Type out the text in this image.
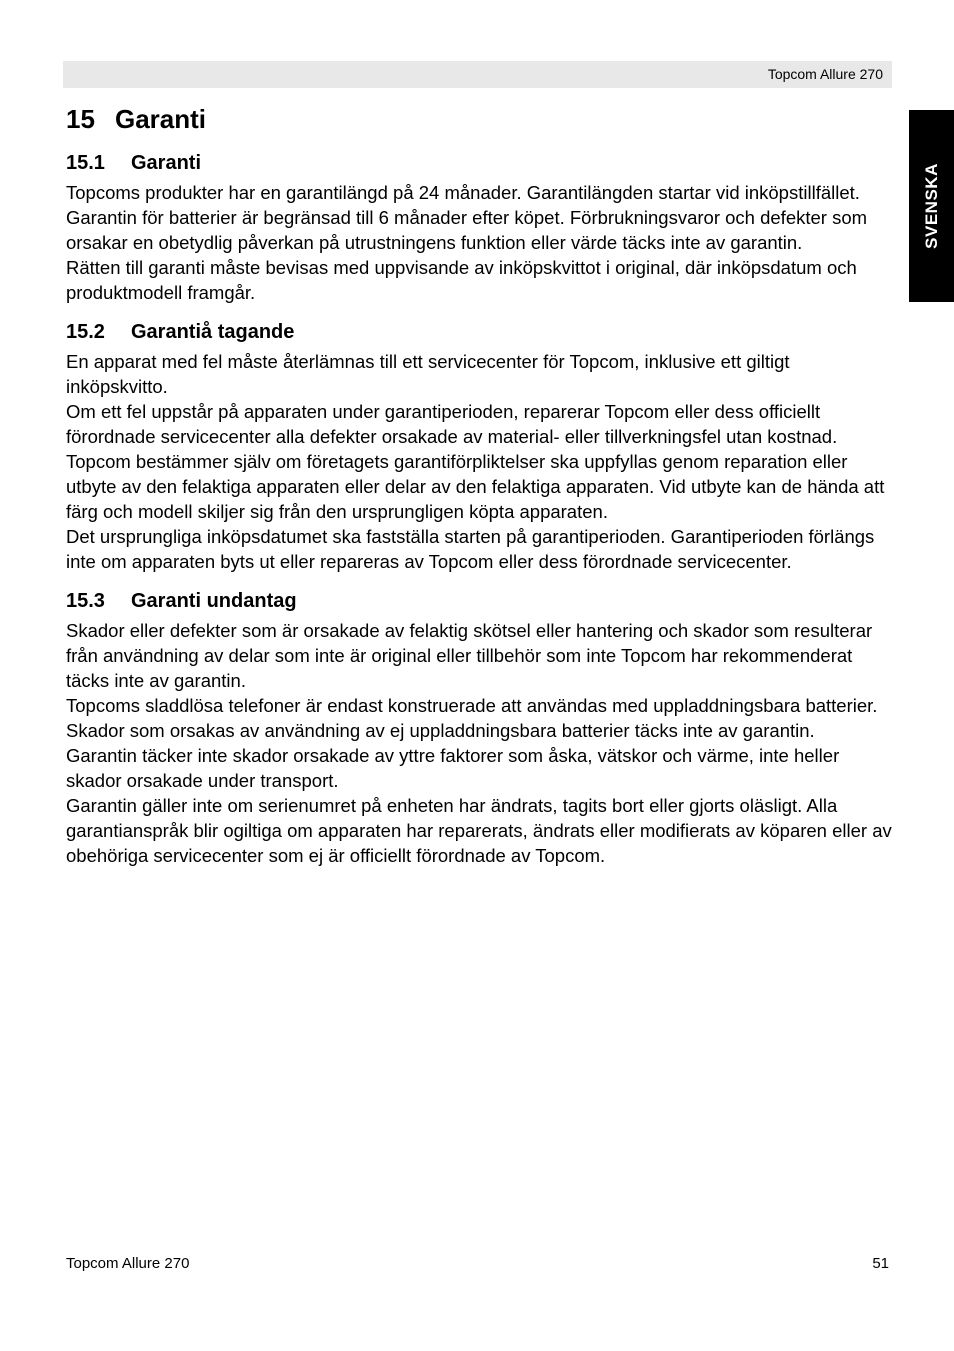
Topcom Allure 270
SVENSKA
15 Garanti
15.1 Garanti

Topcoms produkter har en garantilängd på 24 månader. Garantilängden startar vid inköpstillfället. Garantin för batterier är begränsad till 6 månader efter köpet. Förbrukningsvaror och defekter som orsakar en obetydlig påverkan på utrustningens funktion eller värde täcks inte av garantin.

Rätten till garanti måste bevisas med uppvisande av inköpskvittot i original, där inköpsdatum och produktmodell framgår.

15.2 Garantiå tagande

En apparat med fel måste återlämnas till ett servicecenter för Topcom, inklusive ett giltigt inköpskvitto.

Om ett fel uppstår på apparaten under garantiperioden, reparerar Topcom eller dess officiellt förordnade servicecenter alla defekter orsakade av material- eller tillverkningsfel utan kostnad.

Topcom bestämmer själv om företagets garantiförpliktelser ska uppfyllas genom reparation eller utbyte av den felaktiga apparaten eller delar av den felaktiga apparaten. Vid utbyte kan de hända att färg och modell skiljer sig från den ursprungligen köpta apparaten.

Det ursprungliga inköpsdatumet ska fastställa starten på garantiperioden. Garantiperioden förlängs inte om apparaten byts ut eller repareras av Topcom eller dess förordnade servicecenter.

15.3 Garanti undantag

Skador eller defekter som är orsakade av felaktig skötsel eller hantering och skador som resulterar från användning av delar som inte är original eller tillbehör som inte Topcom har rekommenderat täcks inte av garantin.

Topcoms sladdlösa telefoner är endast konstruerade att användas med uppladdningsbara batterier. Skador som orsakas av användning av ej uppladdningsbara batterier täcks inte av garantin.

Garantin täcker inte skador orsakade av yttre faktorer som åska, vätskor och värme, inte heller skador orsakade under transport.

Garantin gäller inte om serienumret på enheten har ändrats, tagits bort eller gjorts oläsligt. Alla garantianspråk blir ogiltiga om apparaten har reparerats, ändrats eller modifierats av köparen eller av obehöriga servicecenter som ej är officiellt förordnade av Topcom.

Topcom Allure 270	51
